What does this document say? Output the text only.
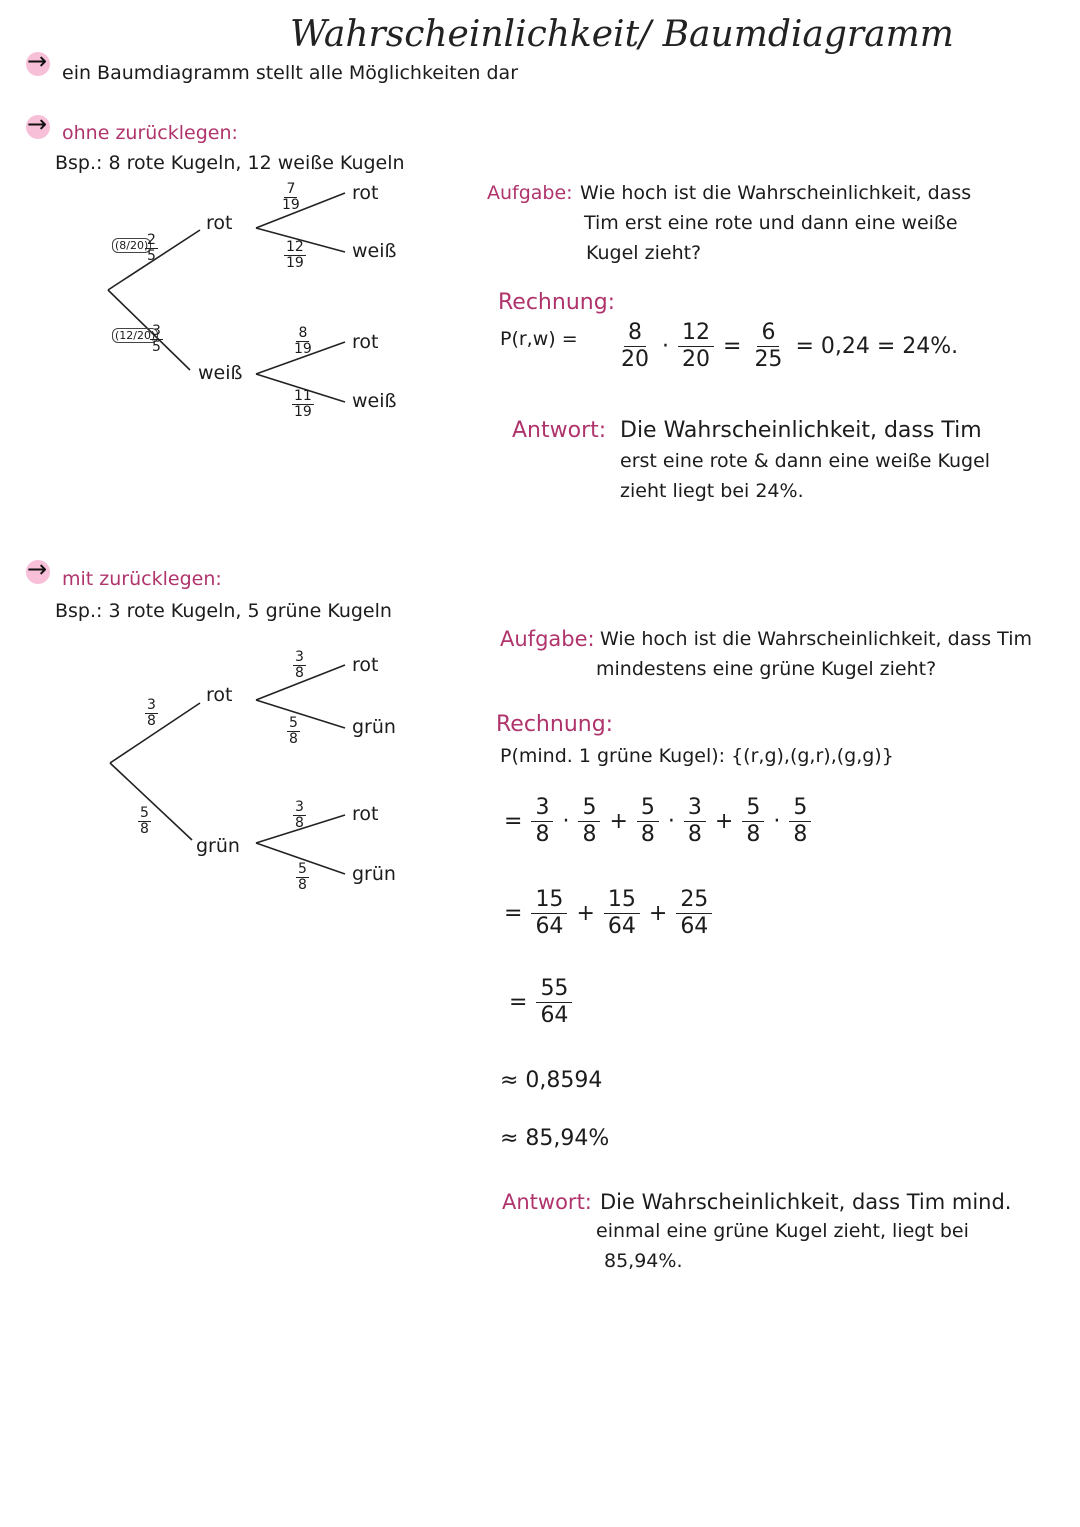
Wahrscheinlichkeit/ Baumdiagramm
→ ein Baumdiagramm stellt alle Möglichkeiten dar
→ ohne zurücklegen:
Bsp.: 8 rote Kugeln, 12 weiße Kugeln
rot
weiß
rot
weiß
rot
weiß
(8/20)
$\frac{2}{5}$
(12/20)
$\frac{3}{5}$
$\frac{7}{19}$
$\frac{12}{19}$
$\frac{8}{19}$
$\frac{11}{19}$
Aufgabe: Wie hoch ist die Wahrscheinlichkeit, dass
Tim erst eine rote und dann eine weiße
Kugel zieht?
Rechnung:
P(r,w) = 8
20
· $\frac{12}{20} = \frac{6}{25} = 0,24 = 24\%$.
Antwort: Die Wahrscheinlichkeit, dass Tim
erst eine rote & dann eine weiße Kugel
zieht liegt bei 24%.
→ mit zurücklegen:
Bsp.: 3 rote Kugeln, 5 grüne Kugeln
rot
grün
rot
grün
rot
grün
$\frac{3}{8}$
$\frac{5}{8}$
$\frac{3}{8}$
$\frac{5}{8}$
$\frac{3}{8}$
$\frac{5}{8}$
Aufgabe: Wie hoch ist die Wahrscheinlichkeit, dass Tim
mindestens eine grüne Kugel zieht?
Rechnung:
P(mind. 1 grüne Kugel): {(r,g),(g,r),(g,g)}
= $\frac{3}{8}$ ·
5
8
+ $\frac{5}{8}$ ·
3
8
+ $\frac{5}{8}$ ·
5
8
= $\frac{15}{64} + \frac{15}{64} + \frac{25}{64}$
= $\frac{55}{64}$
≈ 0,8594
≈ 85,94%
Antwort: Die Wahrscheinlichkeit, dass Tim mind.
einmal eine grüne Kugel zieht, liegt bei
85,94%.
